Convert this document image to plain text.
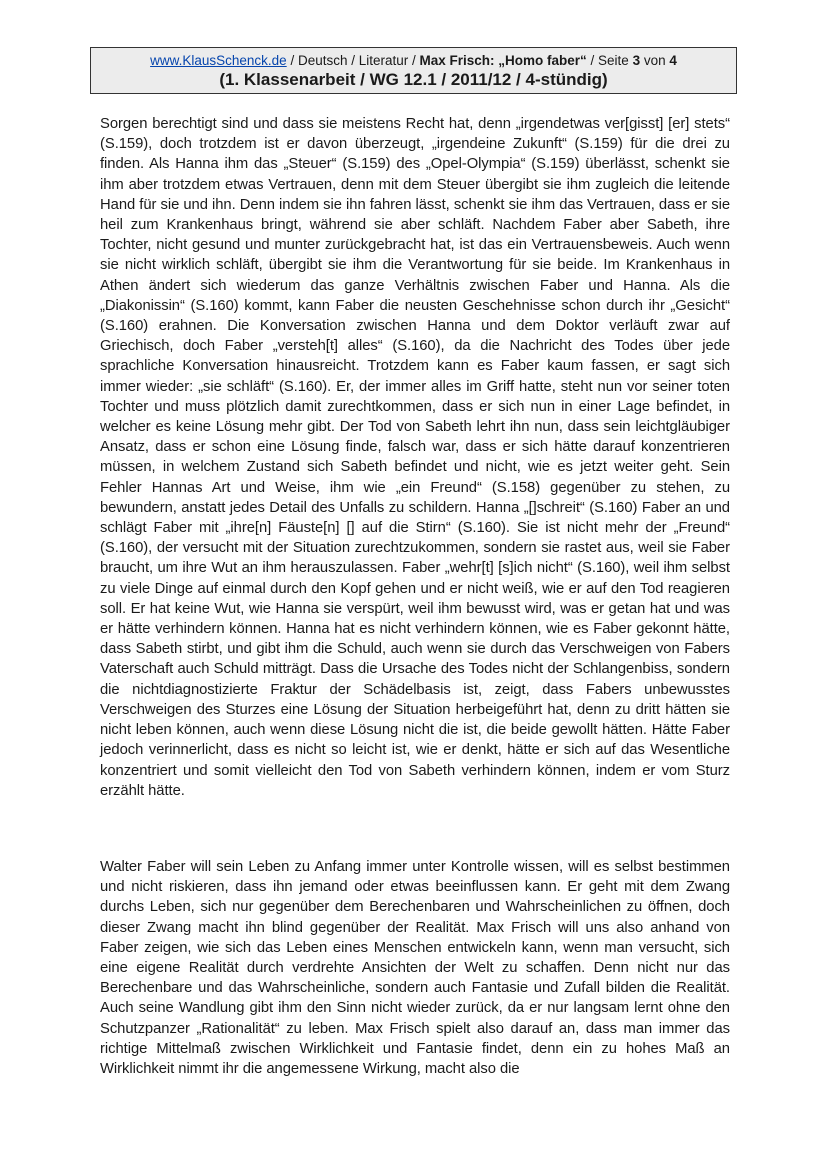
www.KlausSchenck.de / Deutsch / Literatur / Max Frisch: „Homo faber“ / Seite 3 von 4
(1. Klassenarbeit / WG 12.1 / 2011/12 / 4-stündig)

Sorgen berechtigt sind und dass sie meistens Recht hat, denn „irgendetwas ver[gisst] [er] stets“ (S.159), doch trotzdem ist er davon überzeugt, „irgendeine Zukunft“ (S.159) für die drei zu finden. Als Hanna ihm das „Steuer“ (S.159) des „Opel-Olympia“ (S.159) überlässt, schenkt sie ihm aber trotzdem etwas Vertrauen, denn mit dem Steuer übergibt sie ihm zugleich die leitende Hand für sie und ihn. Denn indem sie ihn fahren lässt, schenkt sie ihm das Vertrauen, dass er sie heil zum Krankenhaus bringt, während sie aber schläft. Nachdem Faber aber Sabeth, ihre Tochter, nicht gesund und munter zurückgebracht hat, ist das ein Vertrauensbeweis. Auch wenn sie nicht wirklich schläft, übergibt sie ihm die Verantwortung für sie beide. Im Krankenhaus in Athen ändert sich wiederum das ganze Verhältnis zwischen Faber und Hanna. Als die „Diakonissin“ (S.160) kommt, kann Faber die neusten Geschehnisse schon durch ihr „Gesicht“ (S.160) erahnen. Die Konversation zwischen Hanna und dem Doktor verläuft zwar auf Griechisch, doch Faber „versteh[t] alles“ (S.160), da die Nachricht des Todes über jede sprachliche Konversation hinausreicht. Trotzdem kann es Faber kaum fassen, er sagt sich immer wieder: „sie schläft“ (S.160). Er, der immer alles im Griff hatte, steht nun vor seiner toten Tochter und muss plötzlich damit zurechtkommen, dass er sich nun in einer Lage befindet, in welcher es keine Lösung mehr gibt. Der Tod von Sabeth lehrt ihn nun, dass sein leichtgläubiger Ansatz, dass er schon eine Lösung finde, falsch war, dass er sich hätte darauf konzentrieren müssen, in welchem Zustand sich Sabeth befindet und nicht, wie es jetzt weiter geht. Sein Fehler Hannas Art und Weise, ihm wie „ein Freund“ (S.158) gegenüber zu stehen, zu bewundern, anstatt jedes Detail des Unfalls zu schildern. Hanna „[]schreit“ (S.160) Faber an und schlägt Faber mit „ihre[n] Fäuste[n] [] auf die Stirn“ (S.160). Sie ist nicht mehr der „Freund“ (S.160), der versucht mit der Situation zurechtzukommen, sondern sie rastet aus, weil sie Faber braucht, um ihre Wut an ihm herauszulassen. Faber „wehr[t] [s]ich nicht“ (S.160), weil ihm selbst zu viele Dinge auf einmal durch den Kopf gehen und er nicht weiß, wie er auf den Tod reagieren soll. Er hat keine Wut, wie Hanna sie verspürt, weil ihm bewusst wird, was er getan hat und was er hätte verhindern können. Hanna hat es nicht verhindern können, wie es Faber gekonnt hätte, dass Sabeth stirbt, und gibt ihm die Schuld, auch wenn sie durch das Verschweigen von Fabers Vaterschaft auch Schuld mitträgt. Dass die Ursache des Todes nicht der Schlangenbiss, sondern die nichtdiagnostizierte Fraktur der Schädelbasis ist, zeigt, dass Fabers unbewusstes Verschweigen des Sturzes eine Lösung der Situation herbeigeführt hat, denn zu dritt hätten sie nicht leben können, auch wenn diese Lösung nicht die ist, die beide gewollt hätten. Hätte Faber jedoch verinnerlicht, dass es nicht so leicht ist, wie er denkt, hätte er sich auf das Wesentliche konzentriert und somit vielleicht den Tod von Sabeth verhindern können, indem er vom Sturz erzählt hätte.

Walter Faber will sein Leben zu Anfang immer unter Kontrolle wissen, will es selbst bestimmen und nicht riskieren, dass ihn jemand oder etwas beeinflussen kann. Er geht mit dem Zwang durchs Leben, sich nur gegenüber dem Berechenbaren und Wahrscheinlichen zu öffnen, doch dieser Zwang macht ihn blind gegenüber der Realität. Max Frisch will uns also anhand von Faber zeigen, wie sich das Leben eines Menschen entwickeln kann, wenn man versucht, sich eine eigene Realität durch verdrehte Ansichten der Welt zu schaffen. Denn nicht nur das Berechenbare und das Wahrscheinliche, sondern auch Fantasie und Zufall bilden die Realität. Auch seine Wandlung gibt ihm den Sinn nicht wieder zurück, da er nur langsam lernt ohne den Schutzpanzer „Rationalität“ zu leben. Max Frisch spielt also darauf an, dass man immer das richtige Mittelmaß zwischen Wirklichkeit und Fantasie findet, denn ein zu hohes Maß an Wirklichkeit nimmt ihr die angemessene Wirkung, macht also die
